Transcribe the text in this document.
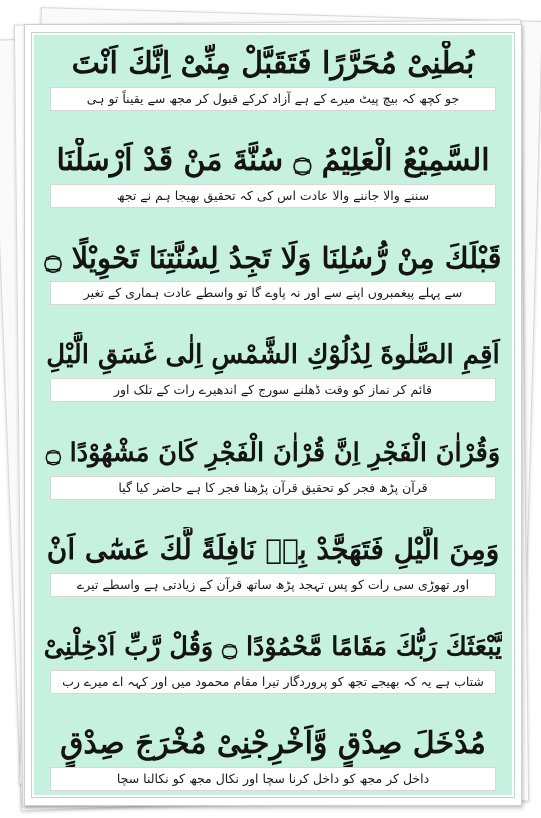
بُطْنِیْ مُحَرَّرًا فَتَقَبَّلْ مِنِّیْ اِنَّكَ اَنْتَ
جو کچھ کہ بیچ پیٹ میرے کے ہے آزاد کرکے قبول کر مجھ سے یقیناً تو ہی
السَّمِیْعُ الْعَلِیْمُ ۝ سُنَّةَ مَنْ قَدْ اَرْسَلْنَا
سننے والا جاننے والا عادت اس کی کہ تحقیق بھیجا ہم نے تجھ
قَبْلَكَ مِنْ رُّسُلِنَا وَلَا تَجِدُ لِسُنَّتِنَا تَحْوِیْلًا ۝
سے پہلے پیغمبروں اپنے سے اور نہ پاوے گا تو واسطے عادت ہماری کے تغیر
اَقِمِ الصَّلٰوةَ لِدُلُوْكِ الشَّمْسِ اِلٰی غَسَقِ الَّیْلِ
قائم کر نماز کو وقت ڈھلنے سورج کے اندھیرے رات کے تلک اور
وَقُرْاٰنَ الْفَجْرِ اِنَّ قُرْاٰنَ الْفَجْرِ كَانَ مَشْهُوْدًا ۝
قرآن پڑھ فجر کو تحقیق قرآن پڑھنا فجر کا ہے حاضر کیا گیا
وَمِنَ الَّیْلِ فَتَهَجَّدْ بِهٖ نَافِلَةً لَّكَ عَسٰٓی اَنْ
اور تھوڑی سی رات کو پس تہجد پڑھ ساتھ قرآن کے زیادتی ہے واسطے تیرے
یَّبْعَثَكَ رَبُّكَ مَقَامًا مَّحْمُوْدًا ۝ وَقُلْ رَّبِّ اَدْخِلْنِیْ
شتاب ہے یہ کہ بھیجے تجھ کو پروردگار تیرا مقام محمود میں اور کہہ اے میرے رب
مُدْخَلَ صِدْقٍ وَّاَخْرِجْنِیْ مُخْرَجَ صِدْقٍ
داخل کر مجھ کو داخل کرنا سچا اور نکال مجھ کو نکالنا سچا
